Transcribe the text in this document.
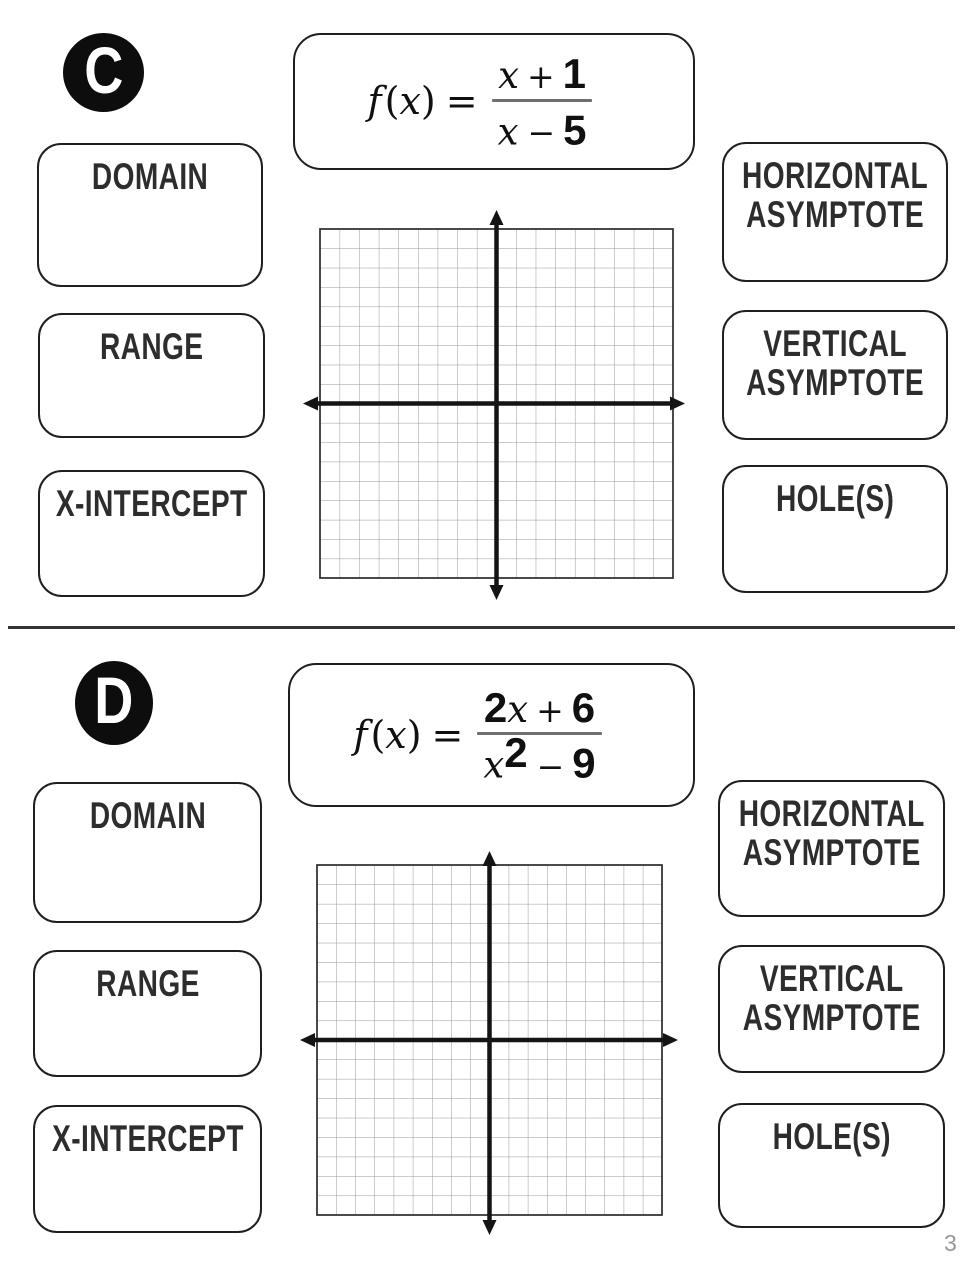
C	f ( x ) = $\frac{x + 1}{x - 5}$
DOMAIN
RANGE
X-INTERCEPT
HORIZONTAL ASYMPTOTE
VERTICAL ASYMPTOTE
HOLE(S)
D	f ( x ) = $\frac{2x + 6}{x^2 - 9}$
DOMAIN
RANGE
X-INTERCEPT
HORIZONTAL ASYMPTOTE
VERTICAL ASYMPTOTE
HOLE(S)
3
